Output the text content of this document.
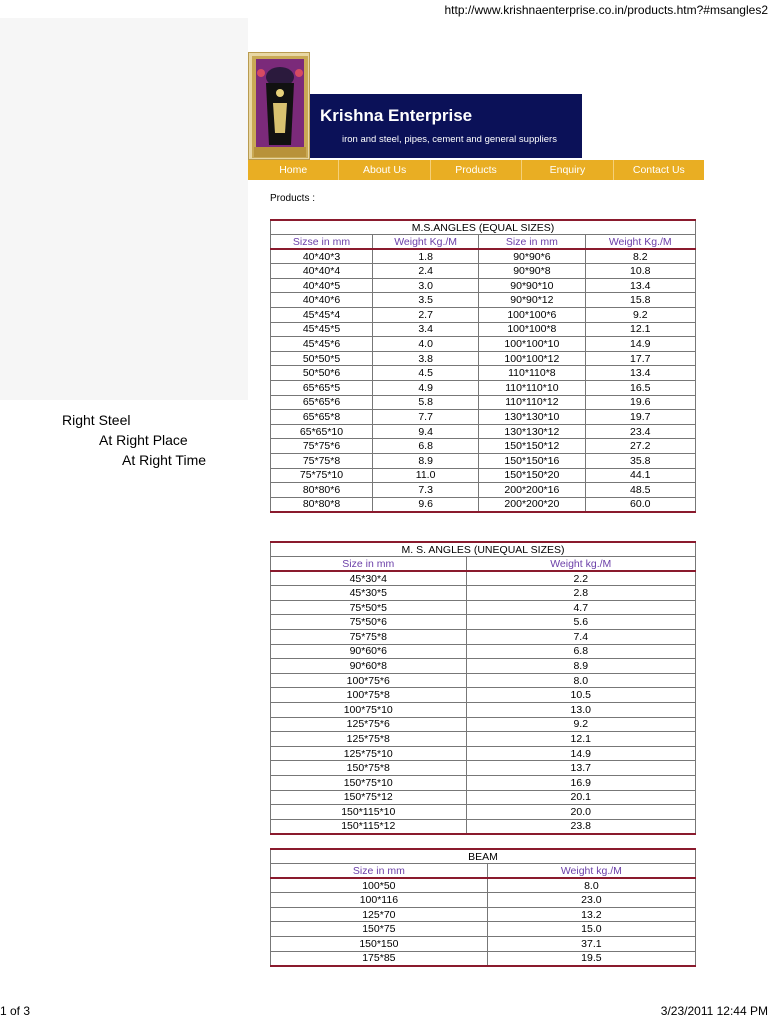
http://www.krishnaenterprise.co.in/products.htm?#msangles2
Krishna Enterprise
iron and steel, pipes, cement and general suppliers
Home	About Us	Products	Enquiry	Contact Us
Products :
Right Steel
At Right Place
At Right Time
M.S.ANGLES (EQUAL SIZES)			
Sizse in mm	Weight Kg./M	Size in mm	Weight Kg./M
40*40*3	1.8	90*90*6	8.2
40*40*4	2.4	90*90*8	10.8
40*40*5	3.0	90*90*10	13.4
40*40*6	3.5	90*90*12	15.8
45*45*4	2.7	100*100*6	9.2
45*45*5	3.4	100*100*8	12.1
45*45*6	4.0	100*100*10	14.9
50*50*5	3.8	100*100*12	17.7
50*50*6	4.5	110*110*8	13.4
65*65*5	4.9	110*110*10	16.5
65*65*6	5.8	110*110*12	19.6
65*65*8	7.7	130*130*10	19.7
65*65*10	9.4	130*130*12	23.4
75*75*6	6.8	150*150*12	27.2
75*75*8	8.9	150*150*16	35.8
75*75*10	11.0	150*150*20	44.1
80*80*6	7.3	200*200*16	48.5
80*80*8	9.6	200*200*20	60.0
M. S. ANGLES (UNEQUAL SIZES)	
Size in mm	Weight kg./M
45*30*4	2.2
45*30*5	2.8
75*50*5	4.7
75*50*6	5.6
75*75*8	7.4
90*60*6	6.8
90*60*8	8.9
100*75*6	8.0
100*75*8	10.5
100*75*10	13.0
125*75*6	9.2
125*75*8	12.1
125*75*10	14.9
150*75*8	13.7
150*75*10	16.9
150*75*12	20.1
150*115*10	20.0
150*115*12	23.8
BEAM	
Size in mm	Weight kg./M
100*50	8.0
100*116	23.0
125*70	13.2
150*75	15.0
150*150	37.1
175*85	19.5
1 of 3	3/23/2011 12:44 PM
